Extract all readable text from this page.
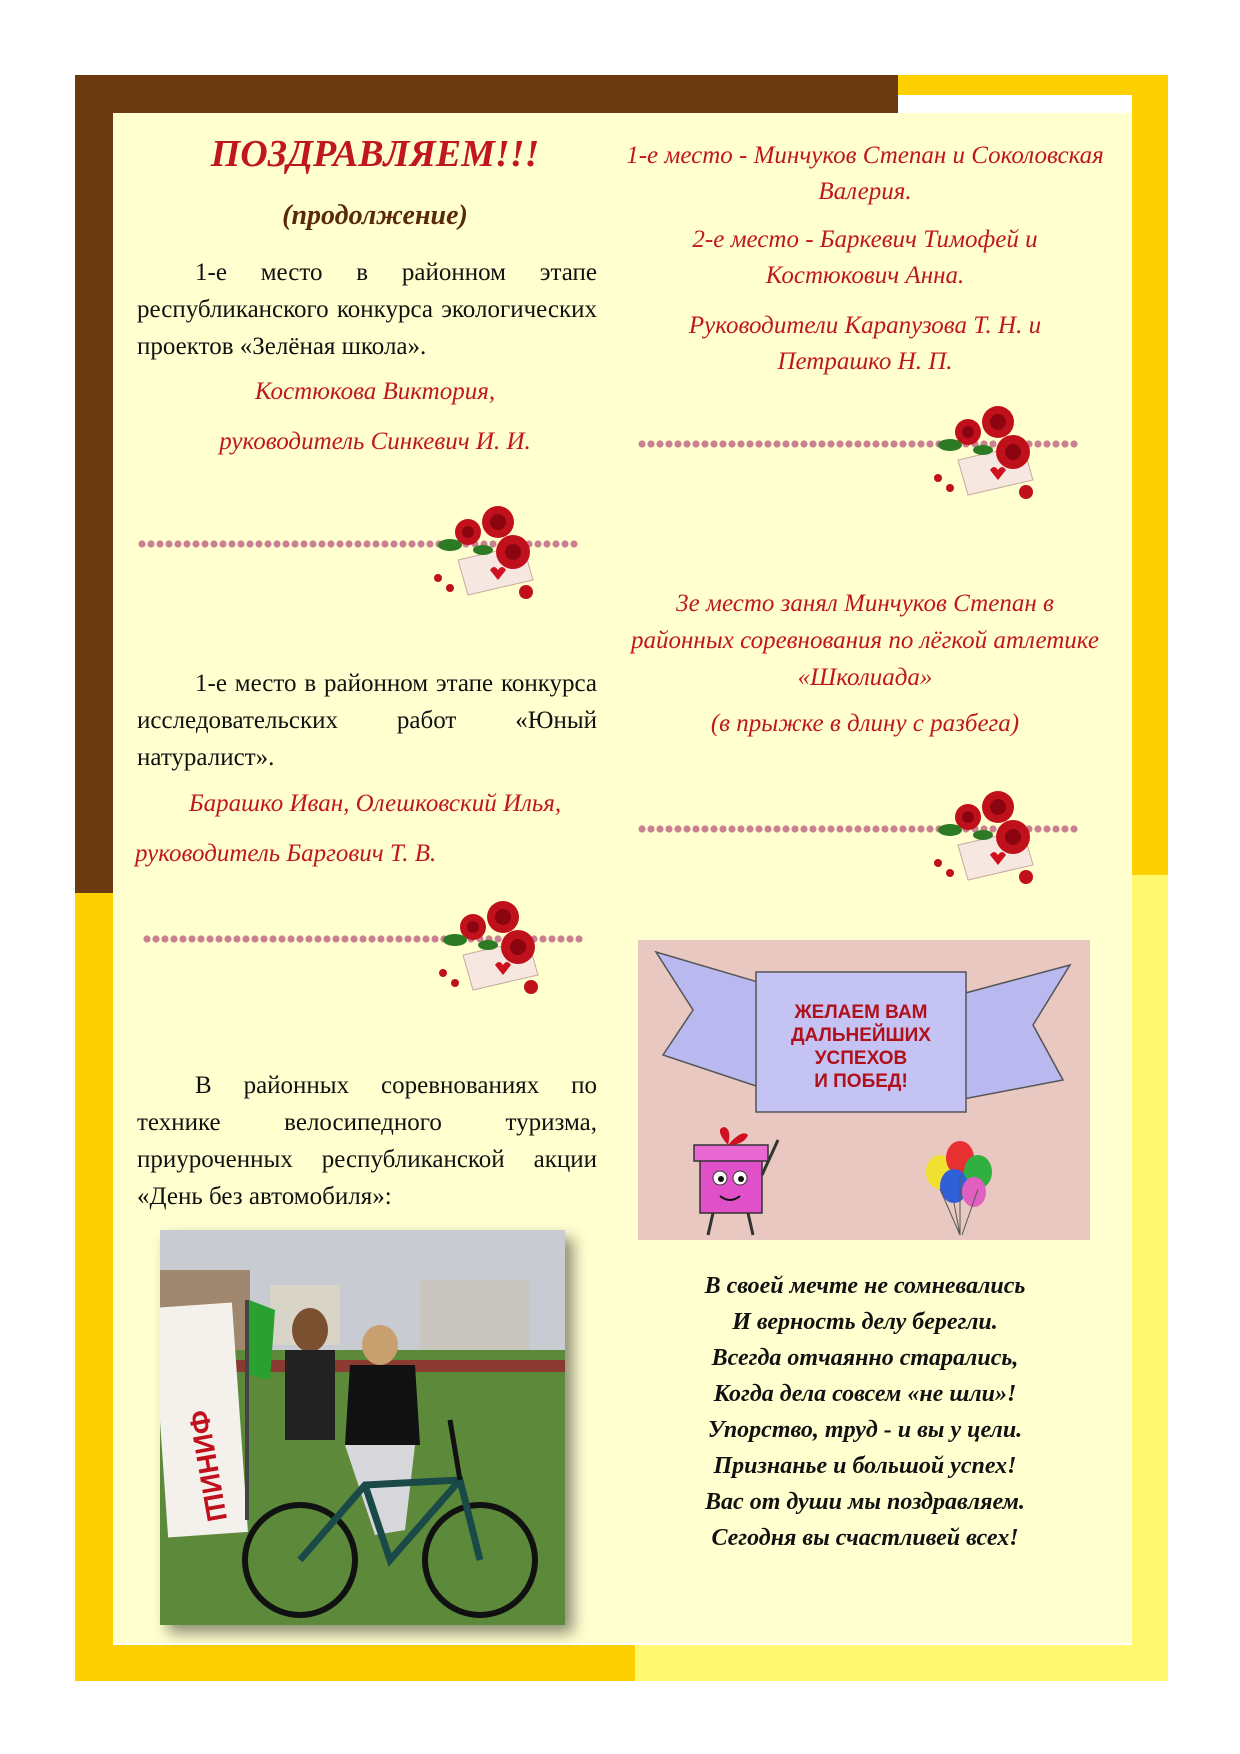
ПОЗДРАВЛЯЕМ!!!
(продолжение)
1-е место в районном этапе республиканского конкурса экологических проектов «Зелёная школа».
Костюкова Виктория,
руководитель Синкевич И. И.
1-е место в районном этапе конкурса исследовательских работ «Юный натуралист».
Барашко Иван, Олешковский Илья,
руководитель Баргович Т. В.
В районных соревнованиях по технике велосипедного туризма, приуроченных республиканской акции «День без автомобиля»:
ФИНИШ
1-е место - Минчуков Степан и Соколовская Валерия.
2-е место - Баркевич Тимофей и Костюкович Анна.
Руководители Карапузова Т. Н. и Петрашко Н. П.
3е место занял Минчуков Степан в районных соревнования по лёгкой атлетике «Школиада»
(в прыжке в длину с разбега)
ЖЕЛАЕМ ВАМ
ДАЛЬНЕЙШИХ
УСПЕХОВ
И ПОБЕД!
В своей мечте не сомневались
И верность делу берегли.
Всегда отчаянно старались,
Когда дела совсем «не шли»!
Упорство, труд - и вы у цели.
Признанье и большой успех!
Вас от души мы поздравляем.
Сегодня вы счастливей всех!
